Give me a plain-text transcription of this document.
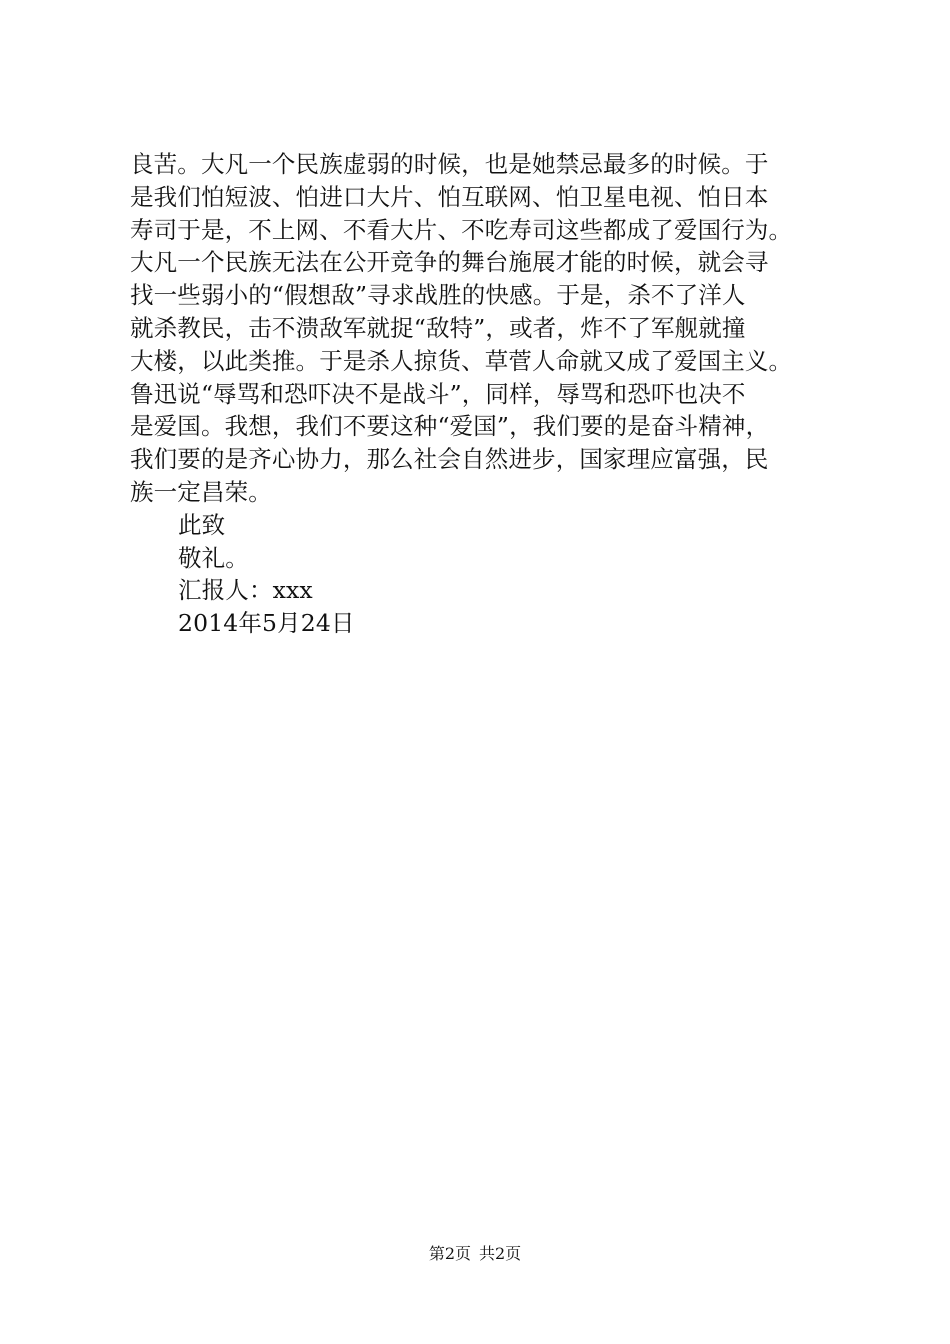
良苦。大凡一个民族虚弱的时候，也是她禁忌最多的时候。于
是我们怕短波、怕进口大片、怕互联网、怕卫星电视、怕日本
寿司于是，不上网、不看大片、不吃寿司这些都成了爱国行为。
大凡一个民族无法在公开竞争的舞台施展才能的时候，就会寻
找一些弱小的“假想敌”寻求战胜的快感。于是，杀不了洋人
就杀教民，击不溃敌军就捉“敌特”，或者，炸不了军舰就撞
大楼，以此类推。于是杀人掠货、草菅人命就又成了爱国主义。
鲁迅说“辱骂和恐吓决不是战斗”，同样，辱骂和恐吓也决不
是爱国。我想，我们不要这种“爱国”，我们要的是奋斗精神，
我们要的是齐心协力，那么社会自然进步，国家理应富强，民
族一定昌荣。
此致
敬礼。
汇报人：xxx
2014年5月24日
第2页 共2页
